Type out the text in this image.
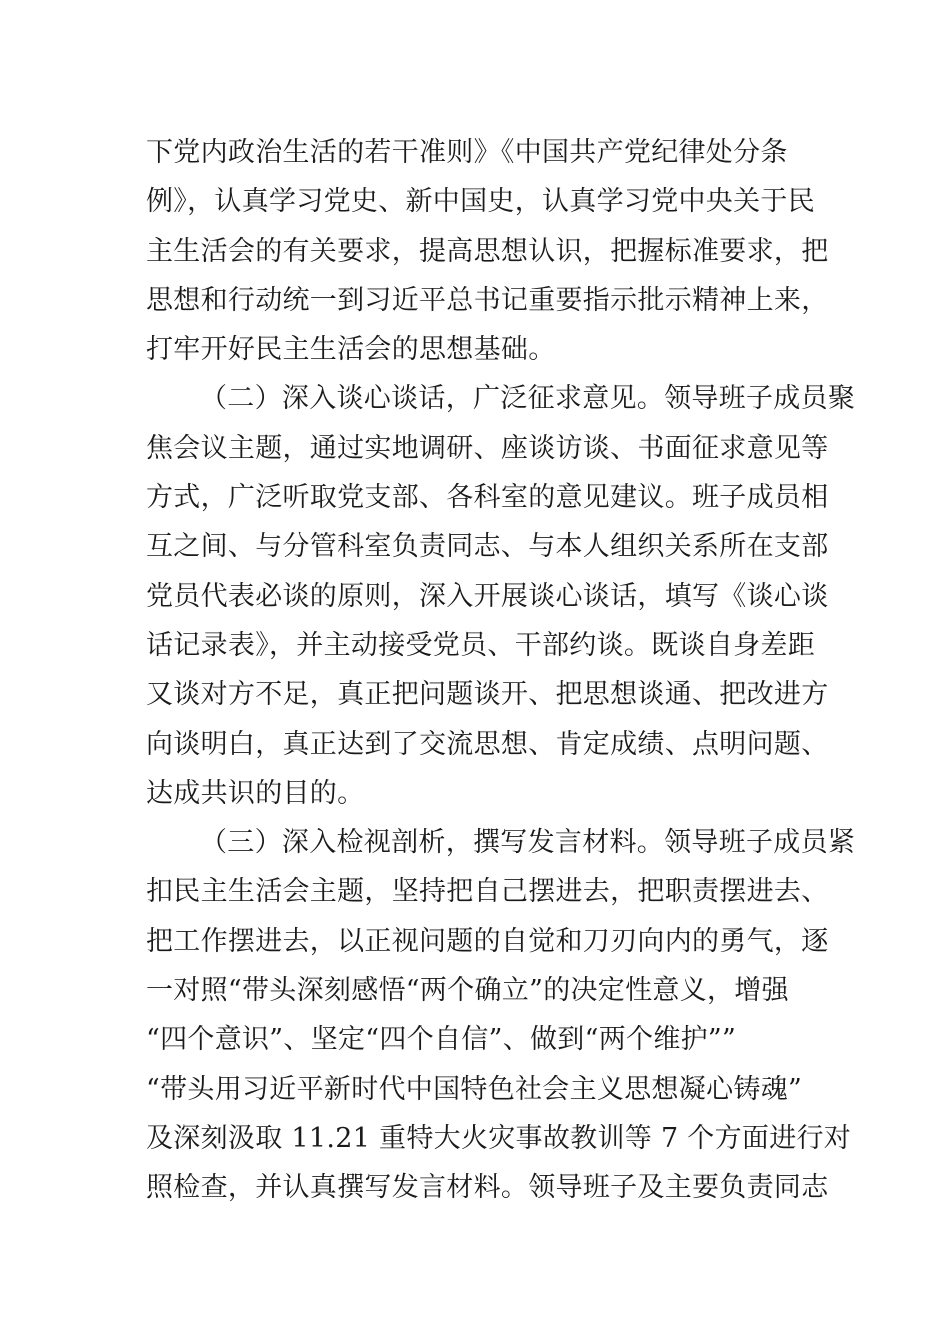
下党内政治生活的若干准则》《中国共产党纪律处分条
例》，认真学习党史、新中国史，认真学习党中央关于民
主生活会的有关要求，提高思想认识，把握标准要求，把
思想和行动统一到习近平总书记重要指示批示精神上来，
打牢开好民主生活会的思想基础。
（二）深入谈心谈话，广泛征求意见。领导班子成员聚
焦会议主题，通过实地调研、座谈访谈、书面征求意见等
方式，广泛听取党支部、各科室的意见建议。班子成员相
互之间、与分管科室负责同志、与本人组织关系所在支部
党员代表必谈的原则，深入开展谈心谈话，填写《谈心谈
话记录表》，并主动接受党员、干部约谈。既谈自身差距
又谈对方不足，真正把问题谈开、把思想谈通、把改进方
向谈明白，真正达到了交流思想、肯定成绩、点明问题、
达成共识的目的。
（三）深入检视剖析，撰写发言材料。领导班子成员紧
扣民主生活会主题，坚持把自己摆进去，把职责摆进去、
把工作摆进去，以正视问题的自觉和刀刃向内的勇气，逐
一对照“带头深刻感悟“两个确立”的决定性意义，增强
“四个意识”、坚定“四个自信”、做到“两个维护””
“带头用习近平新时代中国特色社会主义思想凝心铸魂”
及深刻汲取 11.21 重特大火灾事故教训等 7 个方面进行对
照检查，并认真撰写发言材料。领导班子及主要负责同志
